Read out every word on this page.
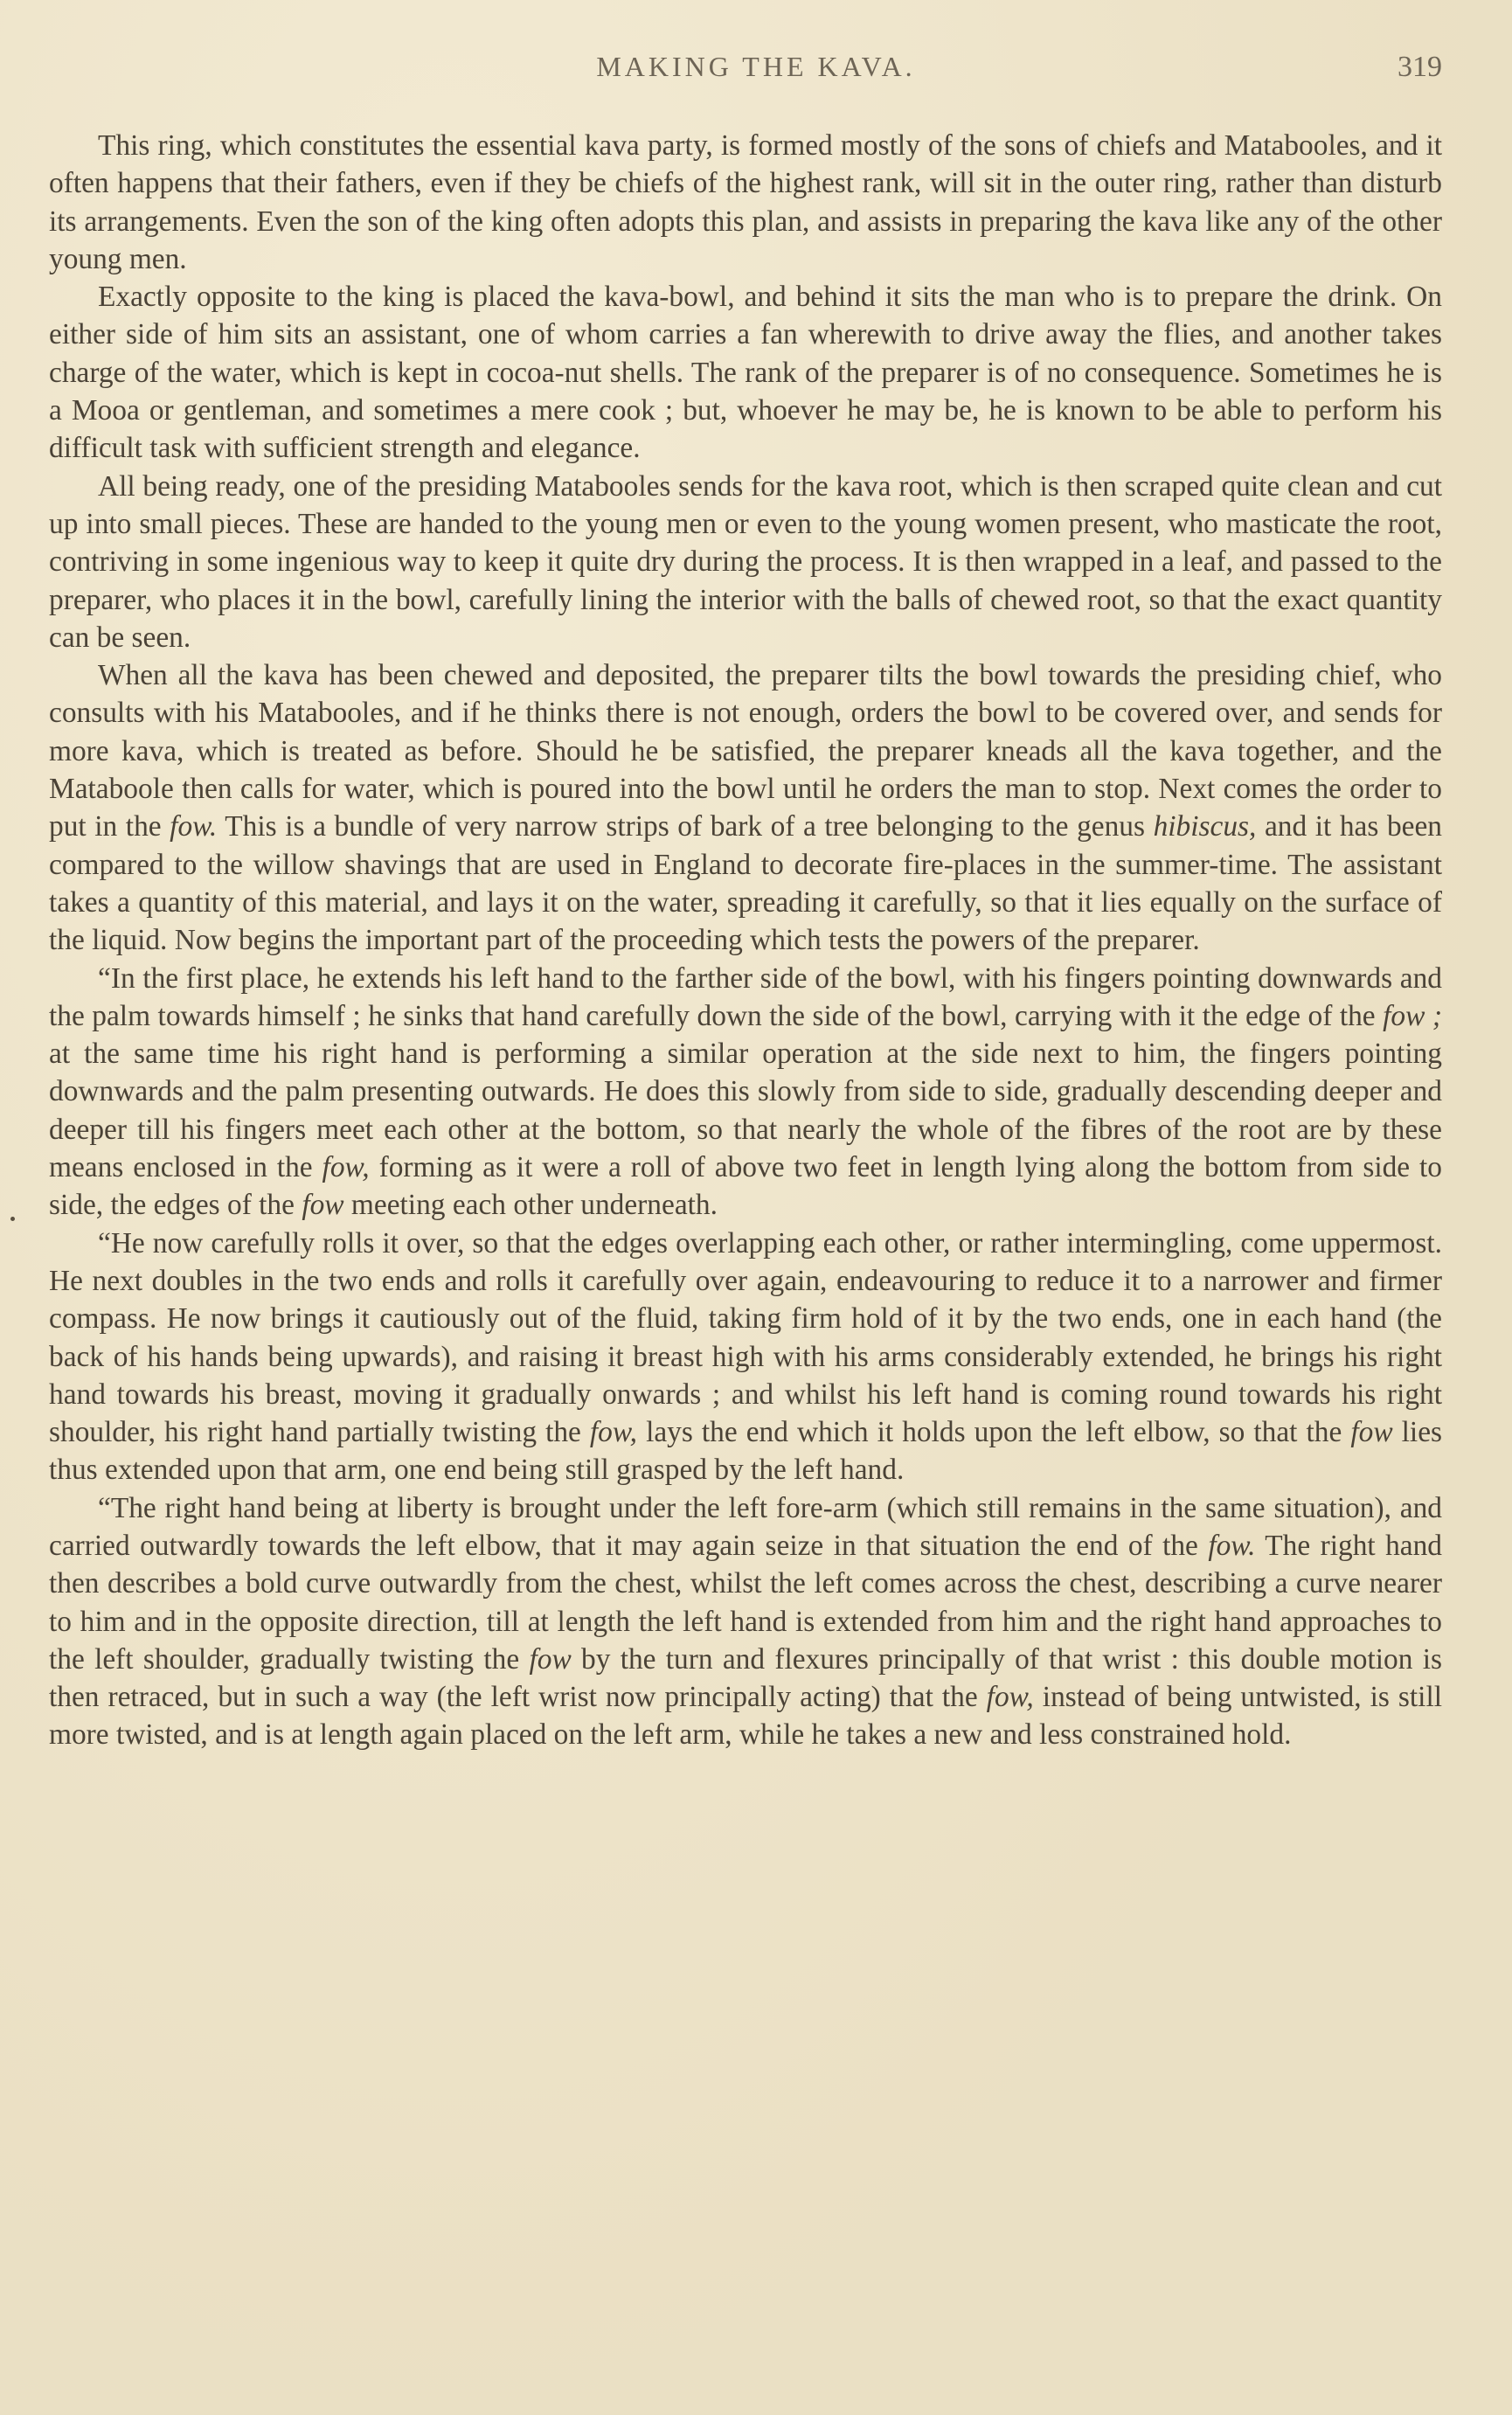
MAKING THE KAVA.	319

This ring, which constitutes the essential kava party, is formed mostly of the sons of chiefs and Matabooles, and it often happens that their fathers, even if they be chiefs of the highest rank, will sit in the outer ring, rather than disturb its arrangements. Even the son of the king often adopts this plan, and assists in preparing the kava like any of the other young men.

Exactly opposite to the king is placed the kava-bowl, and behind it sits the man who is to prepare the drink. On either side of him sits an assistant, one of whom carries a fan wherewith to drive away the flies, and another takes charge of the water, which is kept in cocoa-nut shells. The rank of the preparer is of no consequence. Sometimes he is a Mooa or gentleman, and sometimes a mere cook ; but, whoever he may be, he is known to be able to perform his difficult task with sufficient strength and elegance.

All being ready, one of the presiding Matabooles sends for the kava root, which is then scraped quite clean and cut up into small pieces. These are handed to the young men or even to the young women present, who masticate the root, contriving in some ingenious way to keep it quite dry during the process. It is then wrapped in a leaf, and passed to the preparer, who places it in the bowl, carefully lining the interior with the balls of chewed root, so that the exact quantity can be seen.

When all the kava has been chewed and deposited, the preparer tilts the bowl towards the presiding chief, who consults with his Matabooles, and if he thinks there is not enough, orders the bowl to be covered over, and sends for more kava, which is treated as before. Should he be satisfied, the preparer kneads all the kava together, and the Mataboole then calls for water, which is poured into the bowl until he orders the man to stop. Next comes the order to put in the fow. This is a bundle of very narrow strips of bark of a tree belonging to the genus hibiscus, and it has been compared to the willow shavings that are used in England to decorate fire-places in the summer-time. The assistant takes a quantity of this material, and lays it on the water, spreading it carefully, so that it lies equally on the surface of the liquid. Now begins the important part of the proceeding which tests the powers of the preparer.

“In the first place, he extends his left hand to the farther side of the bowl, with his fingers pointing downwards and the palm towards himself ; he sinks that hand carefully down the side of the bowl, carrying with it the edge of the fow ; at the same time his right hand is performing a similar operation at the side next to him, the fingers pointing downwards and the palm presenting outwards. He does this slowly from side to side, gradually descending deeper and deeper till his fingers meet each other at the bottom, so that nearly the whole of the fibres of the root are by these means enclosed in the fow, forming as it were a roll of above two feet in length lying along the bottom from side to side, the edges of the fow meeting each other underneath.

“He now carefully rolls it over, so that the edges overlapping each other, or rather intermingling, come uppermost. He next doubles in the two ends and rolls it carefully over again, endeavouring to reduce it to a narrower and firmer compass. He now brings it cautiously out of the fluid, taking firm hold of it by the two ends, one in each hand (the back of his hands being upwards), and raising it breast high with his arms considerably extended, he brings his right hand towards his breast, moving it gradually onwards ; and whilst his left hand is coming round towards his right shoulder, his right hand partially twisting the fow, lays the end which it holds upon the left elbow, so that the fow lies thus extended upon that arm, one end being still grasped by the left hand.

“The right hand being at liberty is brought under the left fore-arm (which still remains in the same situation), and carried outwardly towards the left elbow, that it may again seize in that situation the end of the fow. The right hand then describes a bold curve outwardly from the chest, whilst the left comes across the chest, describing a curve nearer to him and in the opposite direction, till at length the left hand is extended from him and the right hand approaches to the left shoulder, gradually twisting the fow by the turn and flexures principally of that wrist : this double motion is then retraced, but in such a way (the left wrist now principally acting) that the fow, instead of being untwisted, is still more twisted, and is at length again placed on the left arm, while he takes a new and less constrained hold.
